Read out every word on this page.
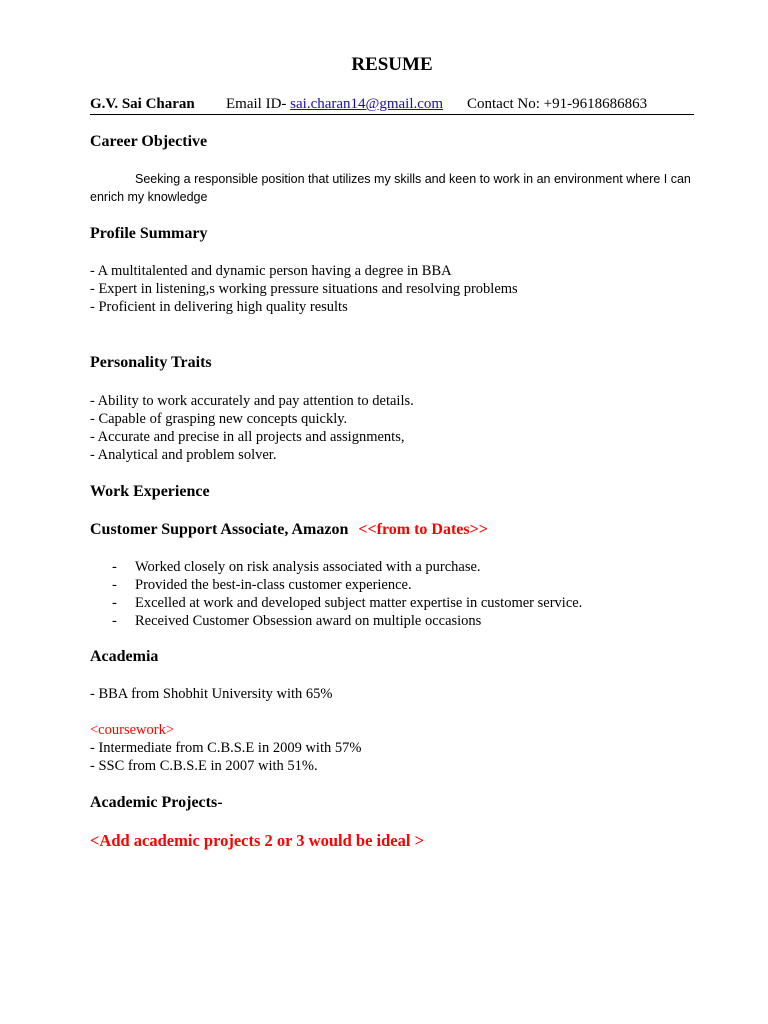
RESUME
G.V. Sai Charan Email ID- sai.charan14@gmail.com Contact No: +91-9618686863
Career Objective
Seeking a responsible position that utilizes my skills and keen to work in an environment where I can enrich my knowledge
Profile Summary
- A multitalented and dynamic person having a degree in BBA
- Expert in listening,s working pressure situations and resolving problems
- Proficient in delivering high quality results
Personality Traits
- Ability to work accurately and pay attention to details.
- Capable of grasping new concepts quickly.
- Accurate and precise in all projects and assignments,
- Analytical and problem solver.
Work Experience
Customer Support Associate, Amazon <<from to Dates>>
- Worked closely on risk analysis associated with a purchase.
- Provided the best-in-class customer experience.
- Excelled at work and developed subject matter expertise in customer service.
- Received Customer Obsession award on multiple occasions
Academia
- BBA from Shobhit University with 65%
<coursework>
- Intermediate from C.B.S.E in 2009 with 57%
- SSC from C.B.S.E in 2007 with 51%.
Academic Projects-
<Add academic projects 2 or 3 would be ideal >
